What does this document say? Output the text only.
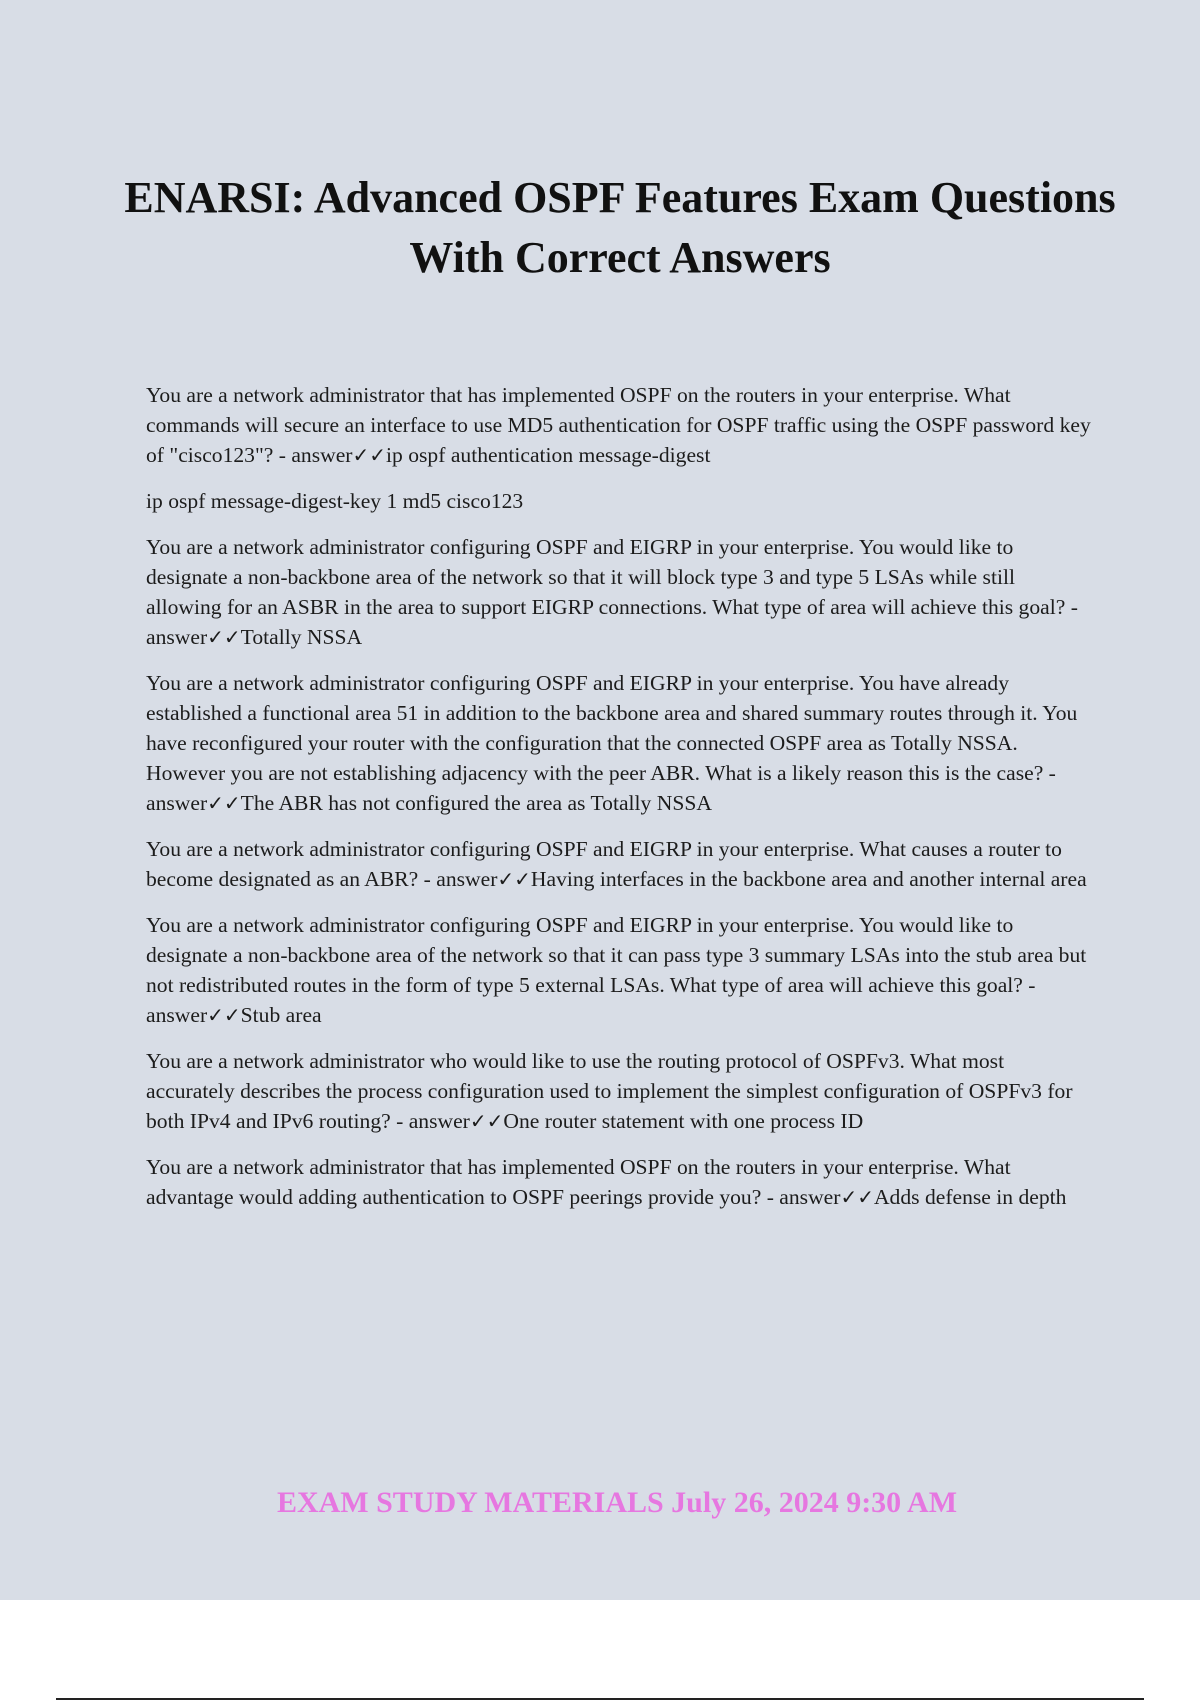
ENARSI: Advanced OSPF Features Exam Questions With Correct Answers

You are a network administrator that has implemented OSPF on the routers in your enterprise. What commands will secure an interface to use MD5 authentication for OSPF traffic using the OSPF password key of "cisco123"? - answer✓✓ip ospf authentication message-digest

ip ospf message-digest-key 1 md5 cisco123

You are a network administrator configuring OSPF and EIGRP in your enterprise. You would like to designate a non-backbone area of the network so that it will block type 3 and type 5 LSAs while still allowing for an ASBR in the area to support EIGRP connections. What type of area will achieve this goal? - answer✓✓Totally NSSA

You are a network administrator configuring OSPF and EIGRP in your enterprise. You have already established a functional area 51 in addition to the backbone area and shared summary routes through it. You have reconfigured your router with the configuration that the connected OSPF area as Totally NSSA. However you are not establishing adjacency with the peer ABR. What is a likely reason this is the case? - answer✓✓The ABR has not configured the area as Totally NSSA

You are a network administrator configuring OSPF and EIGRP in your enterprise. What causes a router to become designated as an ABR? - answer✓✓Having interfaces in the backbone area and another internal area

You are a network administrator configuring OSPF and EIGRP in your enterprise. You would like to designate a non-backbone area of the network so that it can pass type 3 summary LSAs into the stub area but not redistributed routes in the form of type 5 external LSAs. What type of area will achieve this goal? - answer✓✓Stub area

You are a network administrator who would like to use the routing protocol of OSPFv3. What most accurately describes the process configuration used to implement the simplest configuration of OSPFv3 for both IPv4 and IPv6 routing? - answer✓✓One router statement with one process ID

You are a network administrator that has implemented OSPF on the routers in your enterprise. What advantage would adding authentication to OSPF peerings provide you? - answer✓✓Adds defense in depth

EXAM STUDY MATERIALS July 26, 2024 9:30 AM
